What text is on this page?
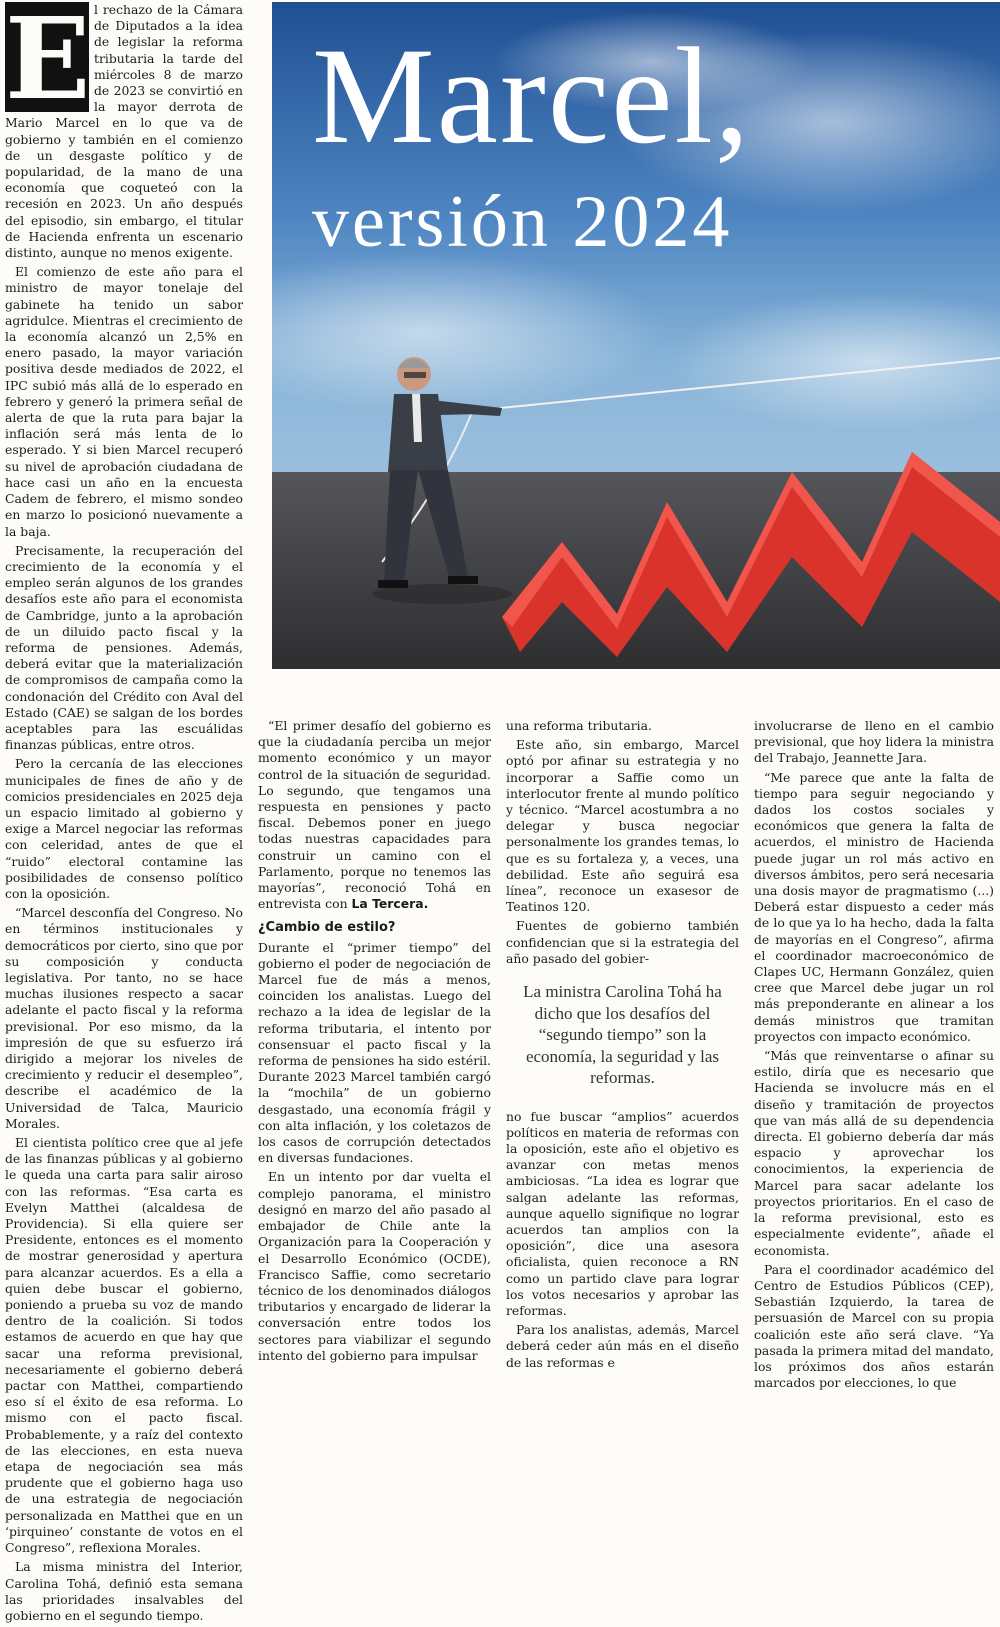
E l rechazo de la Cámara de Diputados a la idea de legislar la reforma tributaria la tarde del miércoles 8 de marzo de 2023 se convirtió en la mayor derrota de Mario Marcel en lo que va de gobierno y también en el comienzo de un desgaste político y de popularidad, de la mano de una economía que coqueteó con la recesión en 2023. Un año después del episodio, sin embargo, el titular de Hacienda enfrenta un escenario distinto, aunque no menos exigente.

El comienzo de este año para el ministro de mayor tonelaje del gabinete ha tenido un sabor agridulce. Mientras el crecimiento de la economía alcanzó un 2,5% en enero pasado, la mayor variación positiva desde mediados de 2022, el IPC subió más allá de lo esperado en febrero y generó la primera señal de alerta de que la ruta para bajar la inflación será más lenta de lo esperado. Y si bien Marcel recuperó su nivel de aprobación ciudadana de hace casi un año en la encuesta Cadem de febrero, el mismo sondeo en marzo lo posicionó nuevamente a la baja.

Precisamente, la recuperación del crecimiento de la economía y el empleo serán algunos de los grandes desafíos este año para el economista de Cambridge, junto a la aprobación de un diluido pacto fiscal y la reforma de pensiones. Además, deberá evitar que la materialización de compromisos de campaña como la condonación del Crédito con Aval del Estado (CAE) se salgan de los bordes aceptables para las escuálidas finanzas públicas, entre otros.

Pero la cercanía de las elecciones municipales de fines de año y de comicios presidenciales en 2025 deja un espacio limitado al gobierno y exige a Marcel negociar las reformas con celeridad, antes de que el “ruido” electoral contamine las posibilidades de consenso político con la oposición.

“Marcel desconfía del Congreso. No en términos institucionales y democráticos por cierto, sino que por su composición y conducta legislativa. Por tanto, no se hace muchas ilusiones respecto a sacar adelante el pacto fiscal y la reforma previsional. Por eso mismo, da la impresión de que su esfuerzo irá dirigido a mejorar los niveles de crecimiento y reducir el desempleo”, describe el académico de la Universidad de Talca, Mauricio Morales.

El cientista político cree que al jefe de las finanzas públicas y al gobierno le queda una carta para salir airoso con las reformas. “Esa carta es Evelyn Matthei (alcaldesa de Providencia). Si ella quiere ser Presidente, entonces es el momento de mostrar generosidad y apertura para alcanzar acuerdos. Es a ella a quien debe buscar el gobierno, poniendo a prueba su voz de mando dentro de la coalición. Si todos estamos de acuerdo en que hay que sacar una reforma previsional, necesariamente el gobierno deberá pactar con Matthei, compartiendo eso sí el éxito de esa reforma. Lo mismo con el pacto fiscal. Probablemente, y a raíz del contexto de las elecciones, en esta nueva etapa de negociación sea más prudente que el gobierno haga uso de una estrategia de negociación personalizada en Matthei que en un ‘pirquineo’ constante de votos en el Congreso”, reflexiona Morales.

La misma ministra del Interior, Carolina Tohá, definió esta semana las prioridades insalvables del gobierno en el segundo tiempo.

Marcel,
versión 2024

“El primer desafío del gobierno es que la ciudadanía perciba un mejor momento económico y un mayor control de la situación de seguridad. Lo segundo, que tengamos una respuesta en pensiones y pacto fiscal. Debemos poner en juego todas nuestras capacidades para construir un camino con el Parlamento, porque no tenemos las mayorías”, reconoció Tohá en entrevista con La Tercera.

¿Cambio de estilo?

Durante el “primer tiempo” del gobierno el poder de negociación de Marcel fue de más a menos, coinciden los analistas. Luego del rechazo a la idea de legislar de la reforma tributaria, el intento por consensuar el pacto fiscal y la reforma de pensiones ha sido estéril. Durante 2023 Marcel también cargó la “mochila” de un gobierno desgastado, una economía frágil y con alta inflación, y los coletazos de los casos de corrupción detectados en diversas fundaciones.

En un intento por dar vuelta el complejo panorama, el ministro designó en marzo del año pasado al embajador de Chile ante la Organización para la Cooperación y el Desarrollo Económico (OCDE), Francisco Saffie, como secretario técnico de los denominados diálogos tributarios y encargado de liderar la conversación entre todos los sectores para viabilizar el segundo intento del gobierno para impulsar

una reforma tributaria.

Este año, sin embargo, Marcel optó por afinar su estrategia y no incorporar a Saffie como un interlocutor frente al mundo político y técnico. “Marcel acostumbra a no delegar y busca negociar personalmente los grandes temas, lo que es su fortaleza y, a veces, una debilidad. Este año seguirá esa línea”, reconoce un exasesor de Teatinos 120.

Fuentes de gobierno también confidencian que si la estrategia del año pasado del gobier-

La ministra Carolina Tohá ha dicho que los desafíos del “segundo tiempo” son la economía, la seguridad y las reformas.

no fue buscar “amplios” acuerdos políticos en materia de reformas con la oposición, este año el objetivo es avanzar con metas menos ambiciosas. “La idea es lograr que salgan adelante las reformas, aunque aquello signifique no lograr acuerdos tan amplios con la oposición”, dice una asesora oficialista, quien reconoce a RN como un partido clave para lograr los votos necesarios y aprobar las reformas.

Para los analistas, además, Marcel deberá ceder aún más en el diseño de las reformas e

involucrarse de lleno en el cambio previsional, que hoy lidera la ministra del Trabajo, Jeannette Jara.

“Me parece que ante la falta de tiempo para seguir negociando y dados los costos sociales y económicos que genera la falta de acuerdos, el ministro de Hacienda puede jugar un rol más activo en diversos ámbitos, pero será necesaria una dosis mayor de pragmatismo (...) Deberá estar dispuesto a ceder más de lo que ya lo ha hecho, dada la falta de mayorías en el Congreso”, afirma el coordinador macroeconómico de Clapes UC, Hermann González, quien cree que Marcel debe jugar un rol más preponderante en alinear a los demás ministros que tramitan proyectos con impacto económico.

“Más que reinventarse o afinar su estilo, diría que es necesario que Hacienda se involucre más en el diseño y tramitación de proyectos que van más allá de su dependencia directa. El gobierno debería dar más espacio y aprovechar los conocimientos, la experiencia de Marcel para sacar adelante los proyectos prioritarios. En el caso de la reforma previsional, esto es especialmente evidente”, añade el economista.

Para el coordinador académico del Centro de Estudios Públicos (CEP), Sebastián Izquierdo, la tarea de persuasión de Marcel con su propia coalición este año será clave. “Ya pasada la primera mitad del mandato, los próximos dos años estarán marcados por elecciones, lo que
